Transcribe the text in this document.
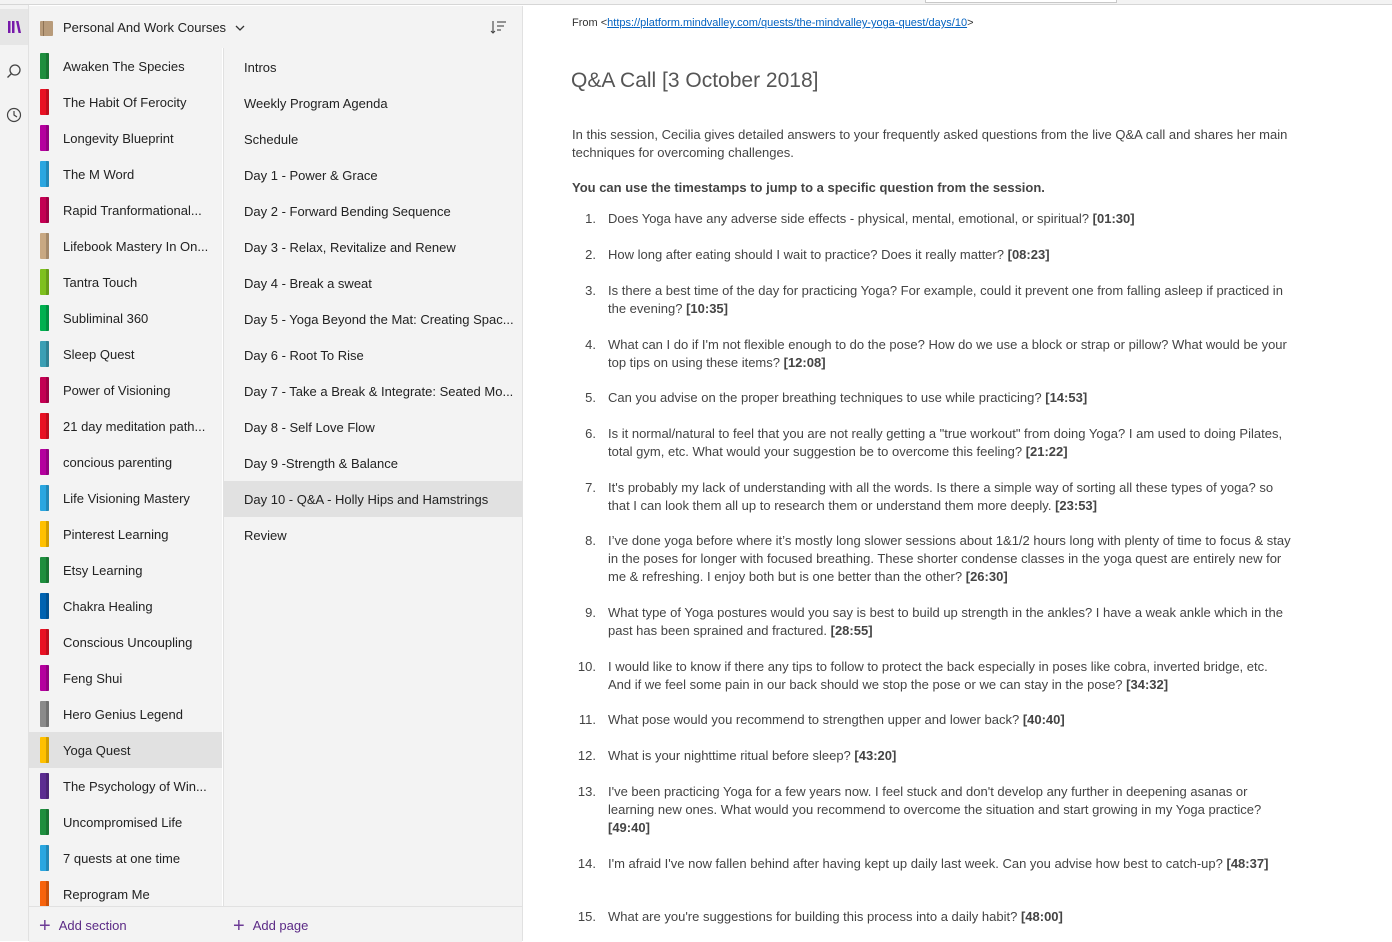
Personal And Work Courses
Awaken The Species
The Habit Of Ferocity
Longevity Blueprint
The M Word
Rapid Tranformational...
Lifebook Mastery In On...
Tantra Touch
Subliminal 360
Sleep Quest
Power of Visioning
21 day meditation path...
concious parenting
Life Visioning Mastery
Pinterest Learning
Etsy Learning
Chakra Healing
Conscious Uncoupling
Feng Shui
Hero Genius Legend
Yoga Quest
The Psychology of Win...
Uncompromised Life
7 quests at one time
Reprogram Me
Intros
Weekly Program Agenda
Schedule
Day 1 - Power & Grace
Day 2 - Forward Bending Sequence
Day 3 - Relax, Revitalize and Renew
Day 4 - Break a sweat
Day 5 - Yoga Beyond the Mat: Creating Spac...
Day 6 - Root To Rise
Day 7 - Take a Break & Integrate: Seated Mo...
Day 8 - Self Love Flow
Day 9 -Strength & Balance
Day 10 - Q&A - Holly Hips and Hamstrings
Review
+ Add section	+ Add page
From <https://platform.mindvalley.com/quests/the-mindvalley-yoga-quest/days/10>
Q&A Call [3 October 2018]
In this session, Cecilia gives detailed answers to your frequently asked questions from the live Q&A call and shares her main techniques for overcoming challenges.
You can use the timestamps to jump to a specific question from the session.
1. Does Yoga have any adverse side effects - physical, mental, emotional, or spiritual? [01:30]
2. How long after eating should I wait to practice? Does it really matter? [08:23]
3. Is there a best time of the day for practicing Yoga? For example, could it prevent one from falling asleep if practiced in the evening? [10:35]
4. What can I do if I'm not flexible enough to do the pose? How do we use a block or strap or pillow? What would be your top tips on using these items? [12:08]
5. Can you advise on the proper breathing techniques to use while practicing? [14:53]
6. Is it normal/natural to feel that you are not really getting a "true workout" from doing Yoga? I am used to doing Pilates, total gym, etc. What would your suggestion be to overcome this feeling? [21:22]
7. It's probably my lack of understanding with all the words. Is there a simple way of sorting all these types of yoga? so that I can look them all up to research them or understand them more deeply. [23:53]
8. I’ve done yoga before where it’s mostly long slower sessions about 1&1/2 hours long with plenty of time to focus & stay in the poses for longer with focused breathing. These shorter condense classes in the yoga quest are entirely new for me & refreshing. I enjoy both but is one better than the other? [26:30]
9. What type of Yoga postures would you say is best to build up strength in the ankles? I have a weak ankle which in the past has been sprained and fractured. [28:55]
10. I would like to know if there any tips to follow to protect the back especially in poses like cobra, inverted bridge, etc. And if we feel some pain in our back should we stop the pose or we can stay in the pose? [34:32]
11. What pose would you recommend to strengthen upper and lower back? [40:40]
12. What is your nighttime ritual before sleep? [43:20]
13. I've been practicing Yoga for a few years now. I feel stuck and don't develop any further in deepening asanas or learning new ones. What would you recommend to overcome the situation and start growing in my Yoga practice? [49:40]
14. I'm afraid I've now fallen behind after having kept up daily last week. Can you advise how best to catch-up? [48:37]
15. What are you're suggestions for building this process into a daily habit? [48:00]
